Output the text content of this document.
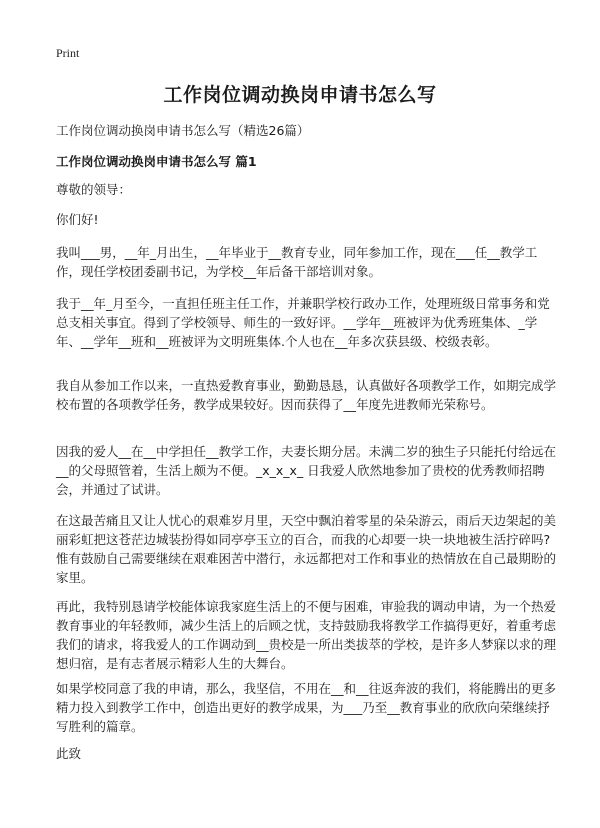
Print
工作岗位调动换岗申请书怎么写
工作岗位调动换岗申请书怎么写（精选26篇）
工作岗位调动换岗申请书怎么写 篇1

尊敬的领导：

你们好!

我叫___男，__年_月出生，__年毕业于__教育专业，同年参加工作，现在___任__教学工作，现任学校团委副书记，为学校__年后备干部培训对象。

我于__年_月至今，一直担任班主任工作，并兼职学校行政办工作，处理班级日常事务和党总支相关事宜。得到了学校领导、师生的一致好评。__学年__班被评为优秀班集体、_学年、__学年__班和__班被评为文明班集体.个人也在__年多次获县级、校级表彰。

我自从参加工作以来，一直热爱教育事业，勤勤恳恳，认真做好各项教学工作，如期完成学校布置的各项教学任务，教学成果较好。因而获得了__年度先进教师光荣称号。

因我的爱人__在__中学担任__教学工作，夫妻长期分居。未满二岁的独生子只能托付给远在__的父母照管着，生活上颇为不便。_x_x_x_ 日我爱人欣然地参加了贵校的优秀教师招聘会，并通过了试讲。

在这最苦痛且又让人忧心的艰难岁月里，天空中飘泊着零星的朵朵游云，雨后天边架起的美丽彩虹把这苍茫边城装扮得如同亭亭玉立的百合，而我的心却要一块一块地被生活拧碎吗?惟有鼓励自己需要继续在艰难困苦中潜行，永远都把对工作和事业的热情放在自己最期盼的家里。

再此，我特别恳请学校能体谅我家庭生活上的不便与困难，审验我的调动申请，为一个热爱教育事业的年轻教师，减少生活上的后顾之忧，支持鼓励我将教学工作搞得更好，着重考虑我们的请求，将我爱人的工作调动到__贵校是一所出类拔萃的学校，是许多人梦寐以求的理想归宿，是有志者展示精彩人生的大舞台。

如果学校同意了我的申请，那么，我坚信，不用在__和__往返奔波的我们，将能腾出的更多精力投入到教学工作中，创造出更好的教学成果，为___乃至__教育事业的欣欣向荣继续抒写胜利的篇章。

此致
